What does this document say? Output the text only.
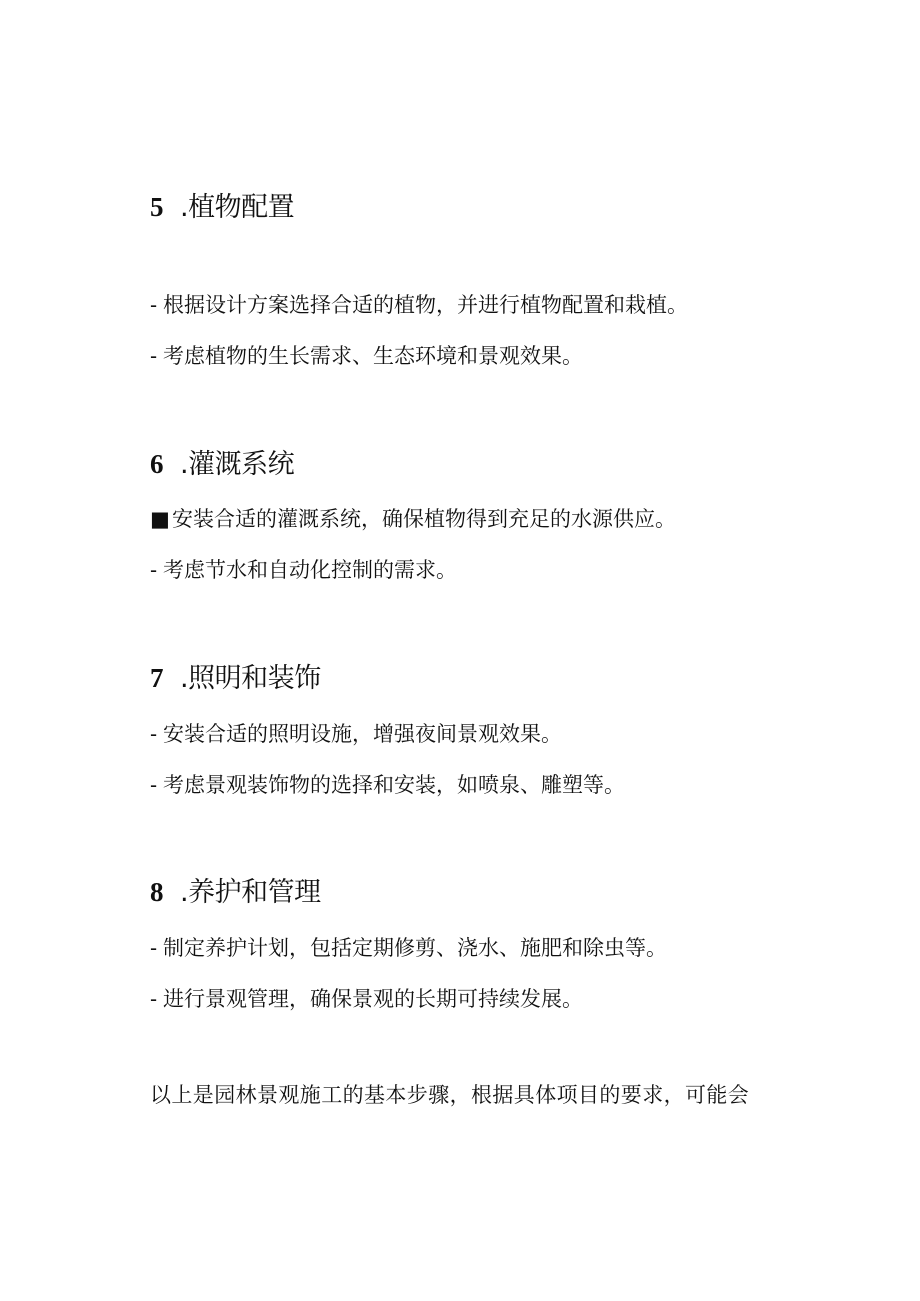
5 .植物配置
- 根据设计方案选择合适的植物，并进行植物配置和栽植。
- 考虑植物的生长需求、生态环境和景观效果。
6 .灌溉系统
■ 安装合适的灌溉系统，确保植物得到充足的水源供应。
- 考虑节水和自动化控制的需求。
7 .照明和装饰
- 安装合适的照明设施，增强夜间景观效果。
- 考虑景观装饰物的选择和安装，如喷泉、雕塑等。
8 .养护和管理
- 制定养护计划，包括定期修剪、浇水、施肥和除虫等。
- 进行景观管理，确保景观的长期可持续发展。
以上是园林景观施工的基本步骤，根据具体项目的要求，可能会
